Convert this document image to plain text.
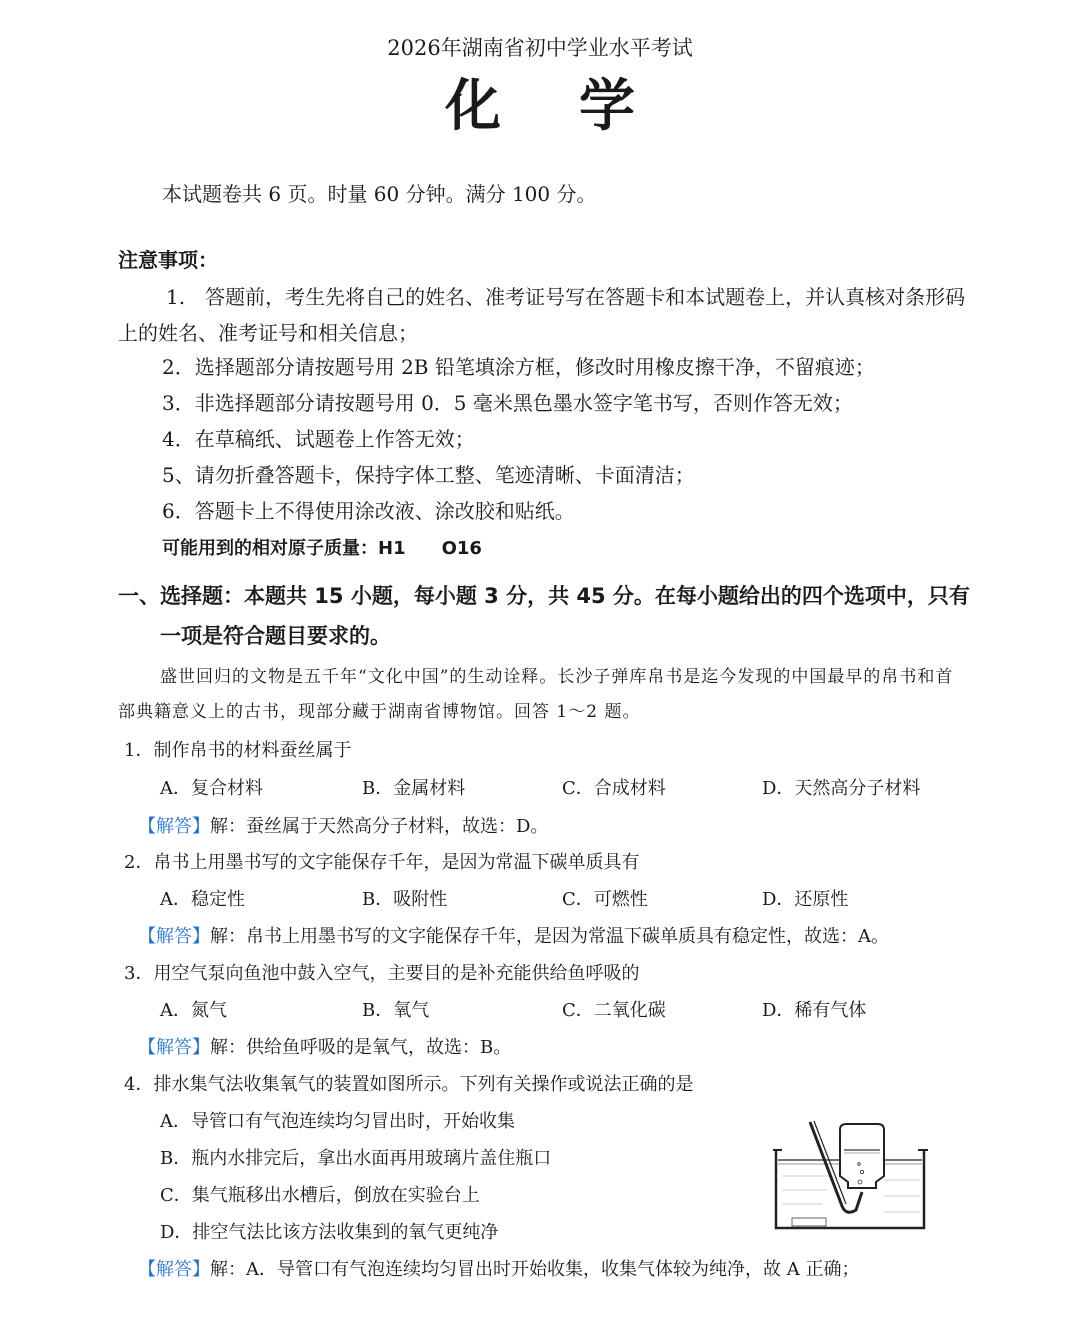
2026年湖南省初中学业水平考试
化学
本试题卷共 6 页。时量 60 分钟。满分 100 分。
注意事项：
1.　答题前，考生先将自己的姓名、准考证号写在答题卡和本试题卷上，并认真核对条形码上的姓名、准考证号和相关信息；
2．选择题部分请按题号用 2B 铅笔填涂方框，修改时用橡皮擦干净，不留痕迹；
3．非选择题部分请按题号用 0．5 毫米黑色墨水签字笔书写，否则作答无效；
4．在草稿纸、试题卷上作答无效；
5、请勿折叠答题卡，保持字体工整、笔迹清晰、卡面清洁；
6．答题卡上不得使用涂改液、涂改胶和贴纸。
可能用到的相对原子质量：H1　　O16
一、选择题：本题共 15 小题，每小题 3 分，共 45 分。在每小题给出的四个选项中，只有
一项是符合题目要求的。
盛世回归的文物是五千年“文化中国”的生动诠释。长沙子弹库帛书是迄今发现的中国最早的帛书和首部典籍意义上的古书，现部分藏于湖南省博物馆。回答 1～2 题。
1．制作帛书的材料蚕丝属于
A．复合材料	B．金属材料	C．合成材料	D．天然高分子材料
【解答】解：蚕丝属于天然高分子材料，故选：D。
2．帛书上用墨书写的文字能保存千年，是因为常温下碳单质具有
A．稳定性	B．吸附性	C．可燃性	D．还原性
【解答】解：帛书上用墨书写的文字能保存千年，是因为常温下碳单质具有稳定性，故选：A。
3．用空气泵向鱼池中鼓入空气，主要目的是补充能供给鱼呼吸的
A．氮气	B．氧气	C．二氧化碳	D．稀有气体
【解答】解：供给鱼呼吸的是氧气，故选：B。
4．排水集气法收集氧气的装置如图所示。下列有关操作或说法正确的是
A．导管口有气泡连续均匀冒出时，开始收集
B．瓶内水排完后，拿出水面再用玻璃片盖住瓶口
C．集气瓶移出水槽后，倒放在实验台上
D．排空气法比该方法收集到的氧气更纯净
【解答】解：A．导管口有气泡连续均匀冒出时开始收集，收集气体较为纯净，故 A 正确；
